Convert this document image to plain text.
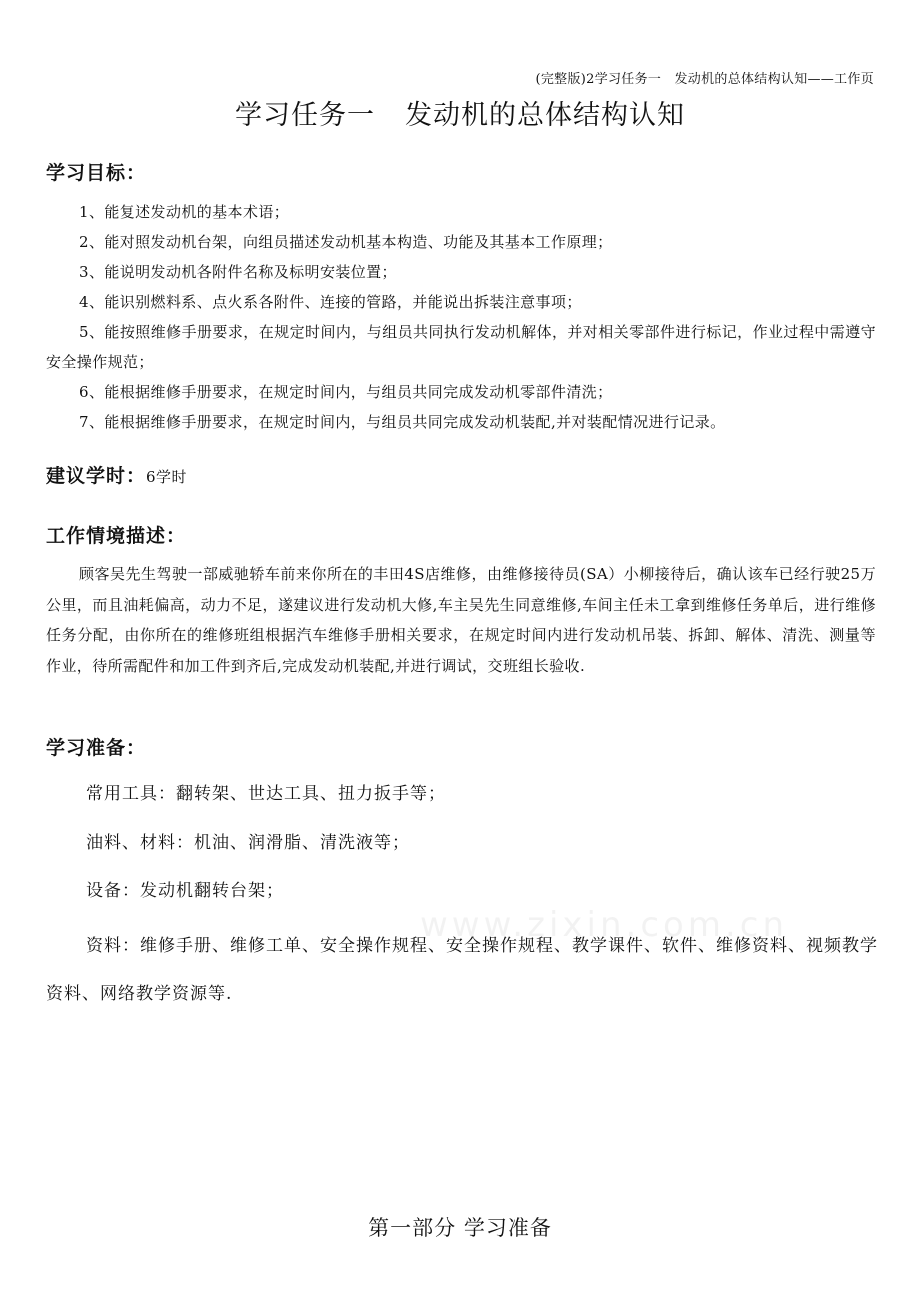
(完整版)2学习任务一　发动机的总体结构认知——工作页
学习任务一 发动机的总体结构认知
学习目标：

1、能复述发动机的基本术语；

2、能对照发动机台架，向组员描述发动机基本构造、功能及其基本工作原理；

3、能说明发动机各附件名称及标明安装位置；

4、能识别燃料系、点火系各附件、连接的管路，并能说出拆装注意事项；

5、能按照维修手册要求，在规定时间内，与组员共同执行发动机解体，并对相关零部件进行标记，作业过程中需遵守安全操作规范；

6、能根据维修手册要求，在规定时间内，与组员共同完成发动机零部件清洗；

7、能根据维修手册要求，在规定时间内，与组员共同完成发动机装配,并对装配情况进行记录。

建议学时：6学时
工作情境描述：
顾客吴先生驾驶一部威驰轿车前来你所在的丰田4S店维修，由维修接待员(SA）小柳接待后，确认该车已经行驶25万公里，而且油耗偏高，动力不足，遂建议进行发动机大修,车主吴先生同意维修,车间主任未工拿到维修任务单后，进行维修任务分配，由你所在的维修班组根据汽车维修手册相关要求，在规定时间内进行发动机吊装、拆卸、解体、清洗、测量等作业，待所需配件和加工件到齐后,完成发动机装配,并进行调试，交班组长验收.
学习准备：
常用工具：翻转架、世达工具、扭力扳手等；
油料、材料：机油、润滑脂、清洗液等；
设备：发动机翻转台架；
资料：维修手册、维修工单、安全操作规程、安全操作规程、教学课件、软件、维修资料、视频教学资料、网络教学资源等.
www.zixin.com.cn
第一部分 学习准备
